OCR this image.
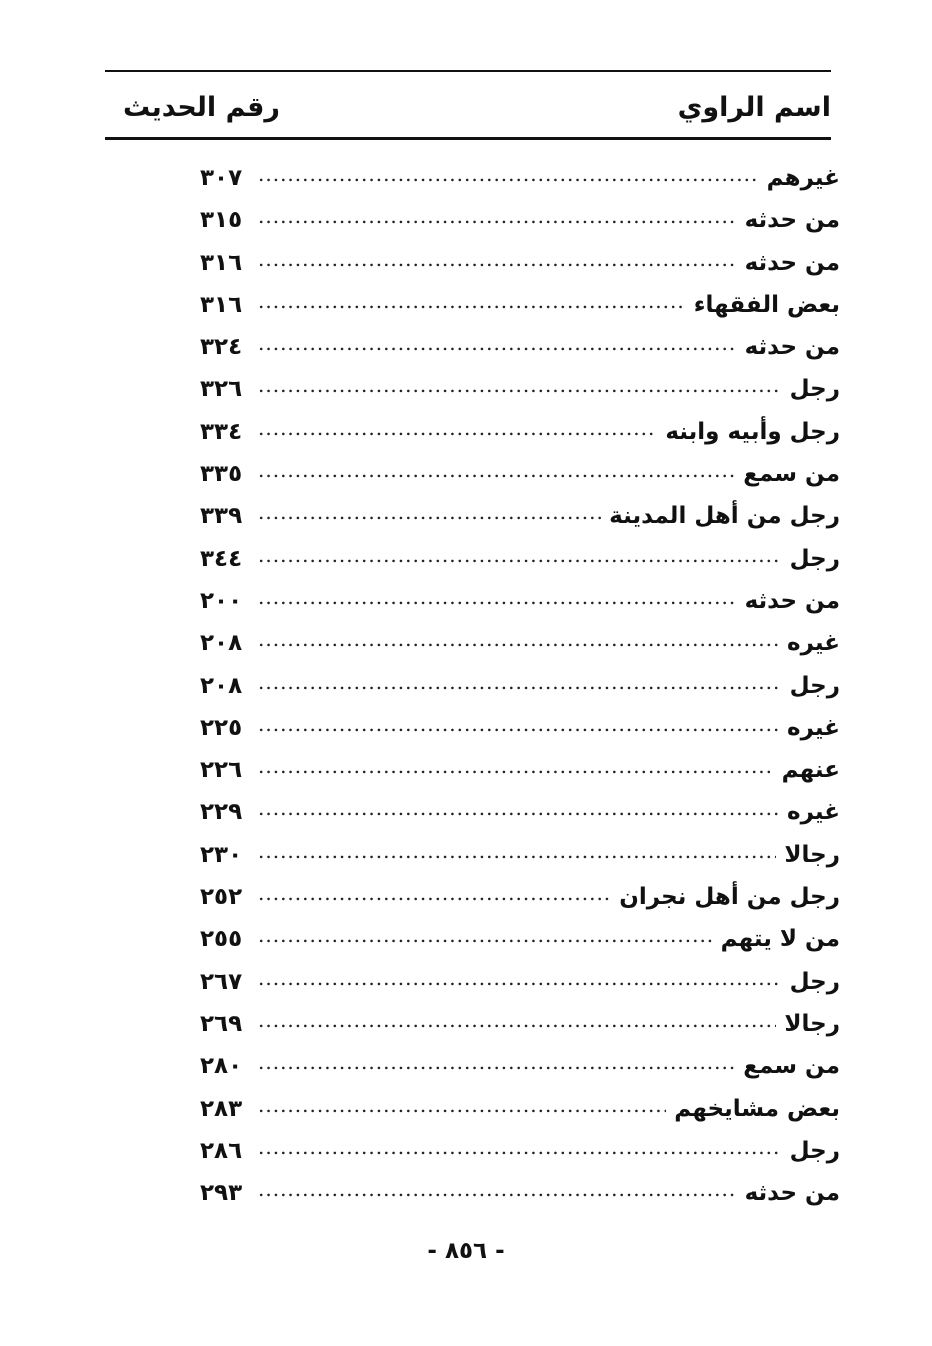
اسم الراوي
رقم الحديث
غيرهم
.....
٣٠٧
من حدثه
.....
٣١٥
من حدثه
.....
٣١٦
بعض الفقهاء
.....
٣١٦
من حدثه
.....
٣٢٤
رجل
.....
٣٢٦
رجل وأبيه وابنه
.....
٣٣٤
من سمع
.....
٣٣٥
رجل من أهل المدينة
.....
٣٣٩
رجل
.....
٣٤٤
من حدثه
.....
٢٠٠
غيره
.....
٢٠٨
رجل
.....
٢٠٨
غيره
.....
٢٢٥
عنهم
.....
٢٢٦
غيره
.....
٢٢٩
رجالا
.....
٢٣٠
رجل من أهل نجران
.....
٢٥٢
من لا يتهم
.....
٢٥٥
رجل
.....
٢٦٧
رجالا
.....
٢٦٩
من سمع
.....
٢٨٠
بعض مشايخهم
.....
٢٨٣
رجل
.....
٢٨٦
من حدثه
.....
٢٩٣
- ٨٥٦ -
